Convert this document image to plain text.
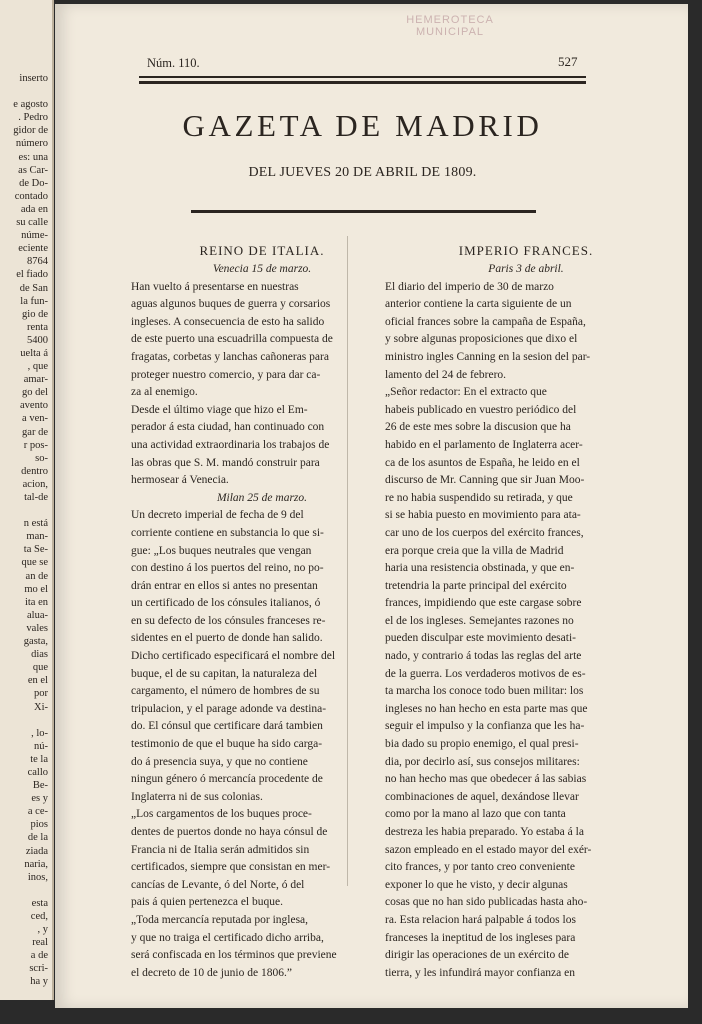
inserto
e agosto
. Pedro
gidor de
número
es: una
as Car-
de Do-
contado
ada en
su calle
núme-
eciente
8764
el fiado
de San
la fun-
gio de
renta
5400
uelta á
, que
amar-
go del
avento
a ven-
gar de
r pos-
so-
dentro
acion,
tal-de
n está
man-
ta Se-
que se
an de
mo el
ita en
alua-
vales
gasta,
dias
que
en el
por
Xi-
, lo-
nú-
te la
callo
Be-
es y
a ce-
pios
de la
ziada
naria,
inos,
esta
ced,
, y
real
a de
scri-
ha y
HEMEROTECA
MUNICIPAL
Núm. 110.	527
GAZETA DE MADRID
DEL JUEVES 20 DE ABRIL DE 1809.
REINO DE ITALIA.
Venecia 15 de marzo.
Han vuelto á presentarse en nuestras
aguas algunos buques de guerra y corsarios
ingleses. A consecuencia de esto ha salido
de este puerto una escuadrilla compuesta de
fragatas, corbetas y lanchas cañoneras para
proteger nuestro comercio, y para dar ca-
za al enemigo.
Desde el último viage que hizo el Em-
perador á esta ciudad, han continuado con
una actividad extraordinaria los trabajos de
las obras que S. M. mandó construir para
hermosear á Venecia.
Milan 25 de marzo.
Un decreto imperial de fecha de 9 del
corriente contiene en substancia lo que si-
gue: „Los buques neutrales que vengan
con destino á los puertos del reino, no po-
drán entrar en ellos si antes no presentan
un certificado de los cónsules italianos, ó
en su defecto de los cónsules franceses re-
sidentes en el puerto de donde han salido.
Dicho certificado especificará el nombre del
buque, el de su capitan, la naturaleza del
cargamento, el número de hombres de su
tripulacion, y el parage adonde va destina-
do. El cónsul que certificare dará tambien
testimonio de que el buque ha sido carga-
do á presencia suya, y que no contiene
ningun género ó mercancía procedente de
Inglaterra ni de sus colonias.
„Los cargamentos de los buques proce-
dentes de puertos donde no haya cónsul de
Francia ni de Italia serán admitidos sin
certificados, siempre que consistan en mer-
cancías de Levante, ó del Norte, ó del
pais á quien pertenezca el buque.
„Toda mercancía reputada por inglesa,
y que no traiga el certificado dicho arriba,
será confiscada en los términos que previene
el decreto de 10 de junio de 1806.”
IMPERIO FRANCES.
Paris 3 de abril.
El diario del imperio de 30 de marzo
anterior contiene la carta siguiente de un
oficial frances sobre la campaña de España,
y sobre algunas proposiciones que dixo el
ministro ingles Canning en la sesion del par-
lamento del 24 de febrero.
„Señor redactor: En el extracto que
habeis publicado en vuestro periódico del
26 de este mes sobre la discusion que ha
habido en el parlamento de Inglaterra acer-
ca de los asuntos de España, he leido en el
discurso de Mr. Canning que sir Juan Moo-
re no habia suspendido su retirada, y que
si se habia puesto en movimiento para ata-
car uno de los cuerpos del exército frances,
era porque creia que la villa de Madrid
haria una resistencia obstinada, y que en-
tretendria la parte principal del exército
frances, impidiendo que este cargase sobre
el de los ingleses. Semejantes razones no
pueden disculpar este movimiento desati-
nado, y contrario á todas las reglas del arte
de la guerra. Los verdaderos motivos de es-
ta marcha los conoce todo buen militar: los
ingleses no han hecho en esta parte mas que
seguir el impulso y la confianza que les ha-
bia dado su propio enemigo, el qual presi-
dia, por decirlo así, sus consejos militares:
no han hecho mas que obedecer á las sabias
combinaciones de aquel, dexándose llevar
como por la mano al lazo que con tanta
destreza les habia preparado. Yo estaba á la
sazon empleado en el estado mayor del exér-
cito frances, y por tanto creo conveniente
exponer lo que he visto, y decir algunas
cosas que no han sido publicadas hasta aho-
ra. Esta relacion hará palpable á todos los
franceses la ineptitud de los ingleses para
dirigir las operaciones de un exército de
tierra, y les infundirá mayor confianza en
